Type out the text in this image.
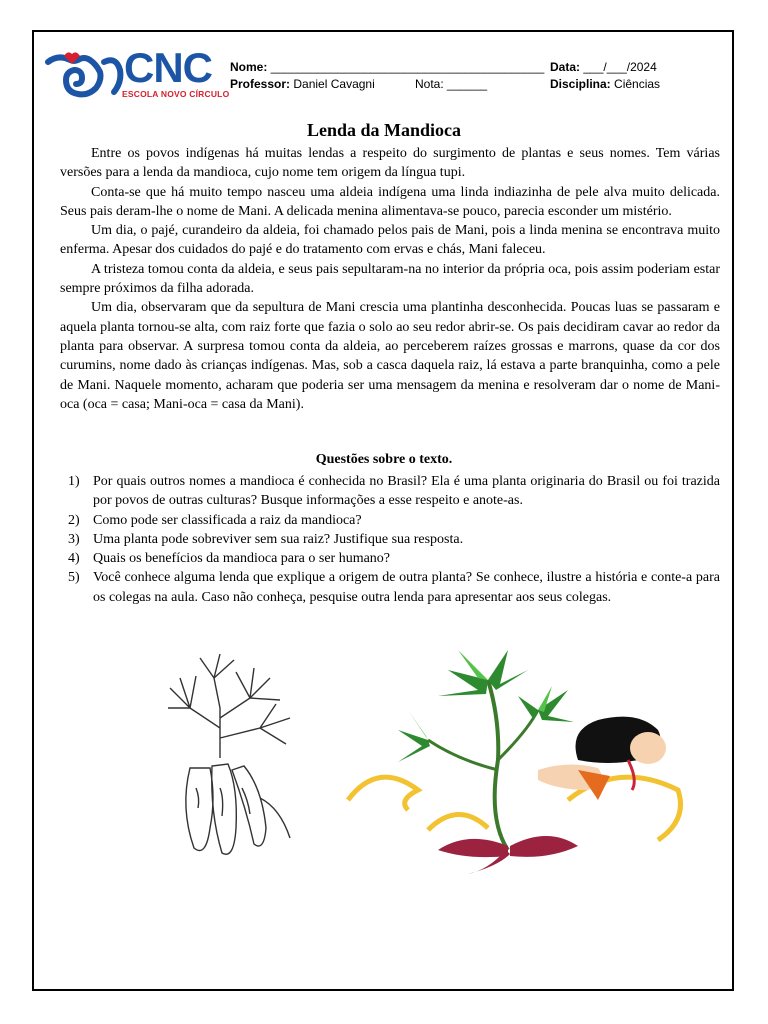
CNC
ESCOLA NOVO CÍRCULO
Nome: _________________________________________ Data: ___/___/2024
Professor: Daniel Cavagni	Nota: ______	Disciplina: Ciências
Lenda da Mandioca

Entre os povos indígenas há muitas lendas a respeito do surgimento de plantas e seus nomes. Tem várias versões para a lenda da mandioca, cujo nome tem origem da língua tupi.

Conta-se que há muito tempo nasceu uma aldeia indígena uma linda indiazinha de pele alva muito delicada. Seus pais deram-lhe o nome de Mani. A delicada menina alimentava-se pouco, parecia esconder um mistério.

Um dia, o pajé, curandeiro da aldeia, foi chamado pelos pais de Mani, pois a linda menina se encontrava muito enferma. Apesar dos cuidados do pajé e do tratamento com ervas e chás, Mani faleceu.

A tristeza tomou conta da aldeia, e seus pais sepultaram-na no interior da própria oca, pois assim poderiam estar sempre próximos da filha adorada.

Um dia, observaram que da sepultura de Mani crescia uma plantinha desconhecida. Poucas luas se passaram e aquela planta tornou-se alta, com raiz forte que fazia o solo ao seu redor abrir-se. Os pais decidiram cavar ao redor da planta para observar. A surpresa tomou conta da aldeia, ao perceberem raízes grossas e marrons, quase da cor dos curumins, nome dado às crianças indígenas. Mas, sob a casca daquela raiz, lá estava a parte branquinha, como a pele de Mani. Naquele momento, acharam que poderia ser uma mensagem da menina e resolveram dar o nome de Mani-oca (oca = casa; Mani-oca = casa da Mani).

Questões sobre o texto.
1) Por quais outros nomes a mandioca é conhecida no Brasil? Ela é uma planta originaria do Brasil ou foi trazida por povos de outras culturas? Busque informações a esse respeito e anote-as.
2) Como pode ser classificada a raiz da mandioca?
3) Uma planta pode sobreviver sem sua raiz? Justifique sua resposta.
4) Quais os benefícios da mandioca para o ser humano?
5) Você conhece alguma lenda que explique a origem de outra planta? Se conhece, ilustre a história e conte-a para os colegas na aula. Caso não conheça, pesquise outra lenda para apresentar aos seus colegas.
